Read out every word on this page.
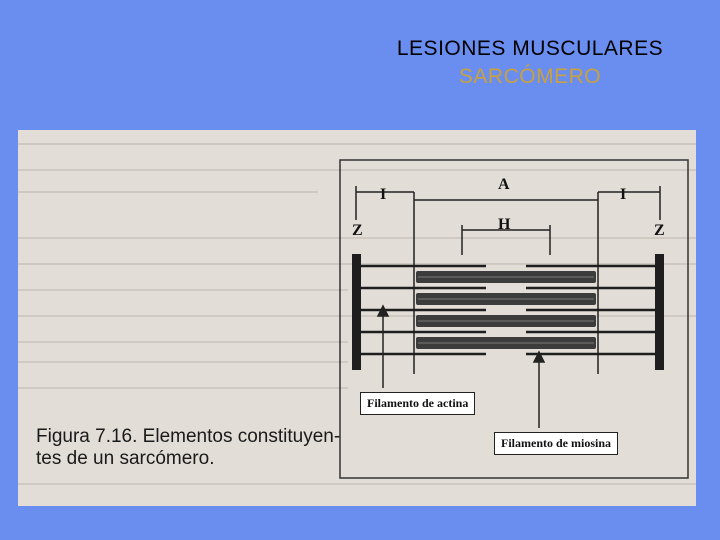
LESIONES MUSCULARES
SARCÓMERO
A
H
I	I
Z	Z
Filamento de actina
Filamento de miosina
Figura 7.16. Elementos constituyen-
tes de un sarcómero.
